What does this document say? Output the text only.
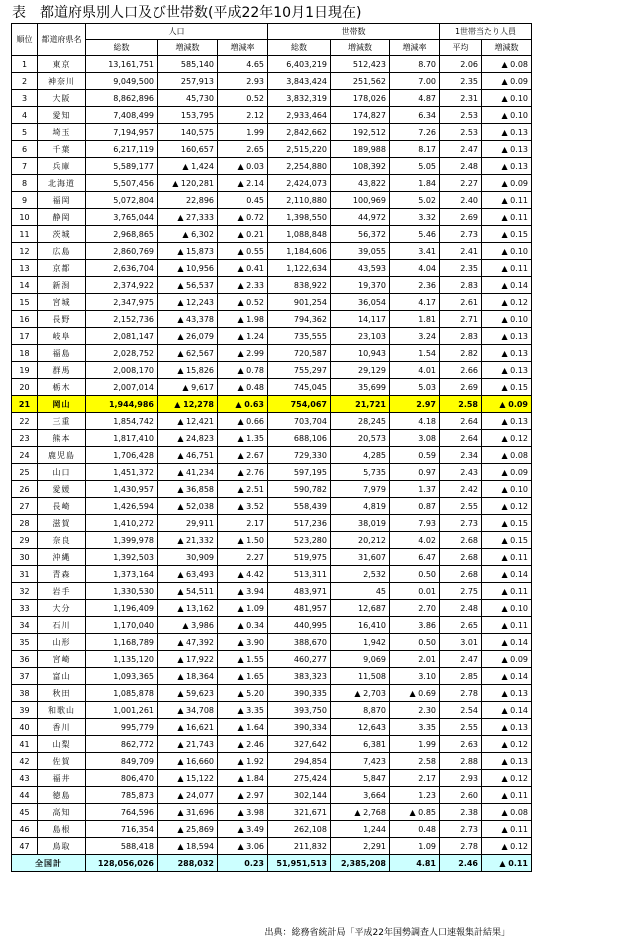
表　都道府県別人口及び世帯数(平成22年10月1日現在)
順位	都道府県名	人口			世帯数			1世帯当たり人員	
		総数	増減数	増減率	総数	増減数	増減率	平均	増減数
1	東京	13,161,751	585,140	4.65	6,403,219	512,423	8.70	2.06	▲ 0.08
2	神奈川	9,049,500	257,913	2.93	3,843,424	251,562	7.00	2.35	▲ 0.09
3	大阪	8,862,896	45,730	0.52	3,832,319	178,026	4.87	2.31	▲ 0.10
4	愛知	7,408,499	153,795	2.12	2,933,464	174,827	6.34	2.53	▲ 0.10
5	埼玉	7,194,957	140,575	1.99	2,842,662	192,512	7.26	2.53	▲ 0.13
6	千葉	6,217,119	160,657	2.65	2,515,220	189,988	8.17	2.47	▲ 0.13
7	兵庫	5,589,177	▲ 1,424	▲ 0.03	2,254,880	108,392	5.05	2.48	▲ 0.13
8	北海道	5,507,456	▲ 120,281	▲ 2.14	2,424,073	43,822	1.84	2.27	▲ 0.09
9	福岡	5,072,804	22,896	0.45	2,110,880	100,969	5.02	2.40	▲ 0.11
10	静岡	3,765,044	▲ 27,333	▲ 0.72	1,398,550	44,972	3.32	2.69	▲ 0.11
11	茨城	2,968,865	▲ 6,302	▲ 0.21	1,088,848	56,372	5.46	2.73	▲ 0.15
12	広島	2,860,769	▲ 15,873	▲ 0.55	1,184,606	39,055	3.41	2.41	▲ 0.10
13	京都	2,636,704	▲ 10,956	▲ 0.41	1,122,634	43,593	4.04	2.35	▲ 0.11
14	新潟	2,374,922	▲ 56,537	▲ 2.33	838,922	19,370	2.36	2.83	▲ 0.14
15	宮城	2,347,975	▲ 12,243	▲ 0.52	901,254	36,054	4.17	2.61	▲ 0.12
16	長野	2,152,736	▲ 43,378	▲ 1.98	794,362	14,117	1.81	2.71	▲ 0.10
17	岐阜	2,081,147	▲ 26,079	▲ 1.24	735,555	23,103	3.24	2.83	▲ 0.13
18	福島	2,028,752	▲ 62,567	▲ 2.99	720,587	10,943	1.54	2.82	▲ 0.13
19	群馬	2,008,170	▲ 15,826	▲ 0.78	755,297	29,129	4.01	2.66	▲ 0.13
20	栃木	2,007,014	▲ 9,617	▲ 0.48	745,045	35,699	5.03	2.69	▲ 0.15
21	岡山	1,944,986	▲ 12,278	▲ 0.63	754,067	21,721	2.97	2.58	▲ 0.09
22	三重	1,854,742	▲ 12,421	▲ 0.66	703,704	28,245	4.18	2.64	▲ 0.13
23	熊本	1,817,410	▲ 24,823	▲ 1.35	688,106	20,573	3.08	2.64	▲ 0.12
24	鹿児島	1,706,428	▲ 46,751	▲ 2.67	729,330	4,285	0.59	2.34	▲ 0.08
25	山口	1,451,372	▲ 41,234	▲ 2.76	597,195	5,735	0.97	2.43	▲ 0.09
26	愛媛	1,430,957	▲ 36,858	▲ 2.51	590,782	7,979	1.37	2.42	▲ 0.10
27	長崎	1,426,594	▲ 52,038	▲ 3.52	558,439	4,819	0.87	2.55	▲ 0.12
28	滋賀	1,410,272	29,911	2.17	517,236	38,019	7.93	2.73	▲ 0.15
29	奈良	1,399,978	▲ 21,332	▲ 1.50	523,280	20,212	4.02	2.68	▲ 0.15
30	沖縄	1,392,503	30,909	2.27	519,975	31,607	6.47	2.68	▲ 0.11
31	青森	1,373,164	▲ 63,493	▲ 4.42	513,311	2,532	0.50	2.68	▲ 0.14
32	岩手	1,330,530	▲ 54,511	▲ 3.94	483,971	45	0.01	2.75	▲ 0.11
33	大分	1,196,409	▲ 13,162	▲ 1.09	481,957	12,687	2.70	2.48	▲ 0.10
34	石川	1,170,040	▲ 3,986	▲ 0.34	440,995	16,410	3.86	2.65	▲ 0.11
35	山形	1,168,789	▲ 47,392	▲ 3.90	388,670	1,942	0.50	3.01	▲ 0.14
36	宮崎	1,135,120	▲ 17,922	▲ 1.55	460,277	9,069	2.01	2.47	▲ 0.09
37	富山	1,093,365	▲ 18,364	▲ 1.65	383,323	11,508	3.10	2.85	▲ 0.14
38	秋田	1,085,878	▲ 59,623	▲ 5.20	390,335	▲ 2,703	▲ 0.69	2.78	▲ 0.13
39	和歌山	1,001,261	▲ 34,708	▲ 3.35	393,750	8,870	2.30	2.54	▲ 0.14
40	香川	995,779	▲ 16,621	▲ 1.64	390,334	12,643	3.35	2.55	▲ 0.13
41	山梨	862,772	▲ 21,743	▲ 2.46	327,642	6,381	1.99	2.63	▲ 0.12
42	佐賀	849,709	▲ 16,660	▲ 1.92	294,854	7,423	2.58	2.88	▲ 0.13
43	福井	806,470	▲ 15,122	▲ 1.84	275,424	5,847	2.17	2.93	▲ 0.12
44	徳島	785,873	▲ 24,077	▲ 2.97	302,144	3,664	1.23	2.60	▲ 0.11
45	高知	764,596	▲ 31,696	▲ 3.98	321,671	▲ 2,768	▲ 0.85	2.38	▲ 0.08
46	島根	716,354	▲ 25,869	▲ 3.49	262,108	1,244	0.48	2.73	▲ 0.11
47	鳥取	588,418	▲ 18,594	▲ 3.06	211,832	2,291	1.09	2.78	▲ 0.12
全国計		128,056,026	288,032	0.23	51,951,513	2,385,208	4.81	2.46	▲ 0.11
出典：総務省統計局「平成22年国勢調査人口速報集計結果」
